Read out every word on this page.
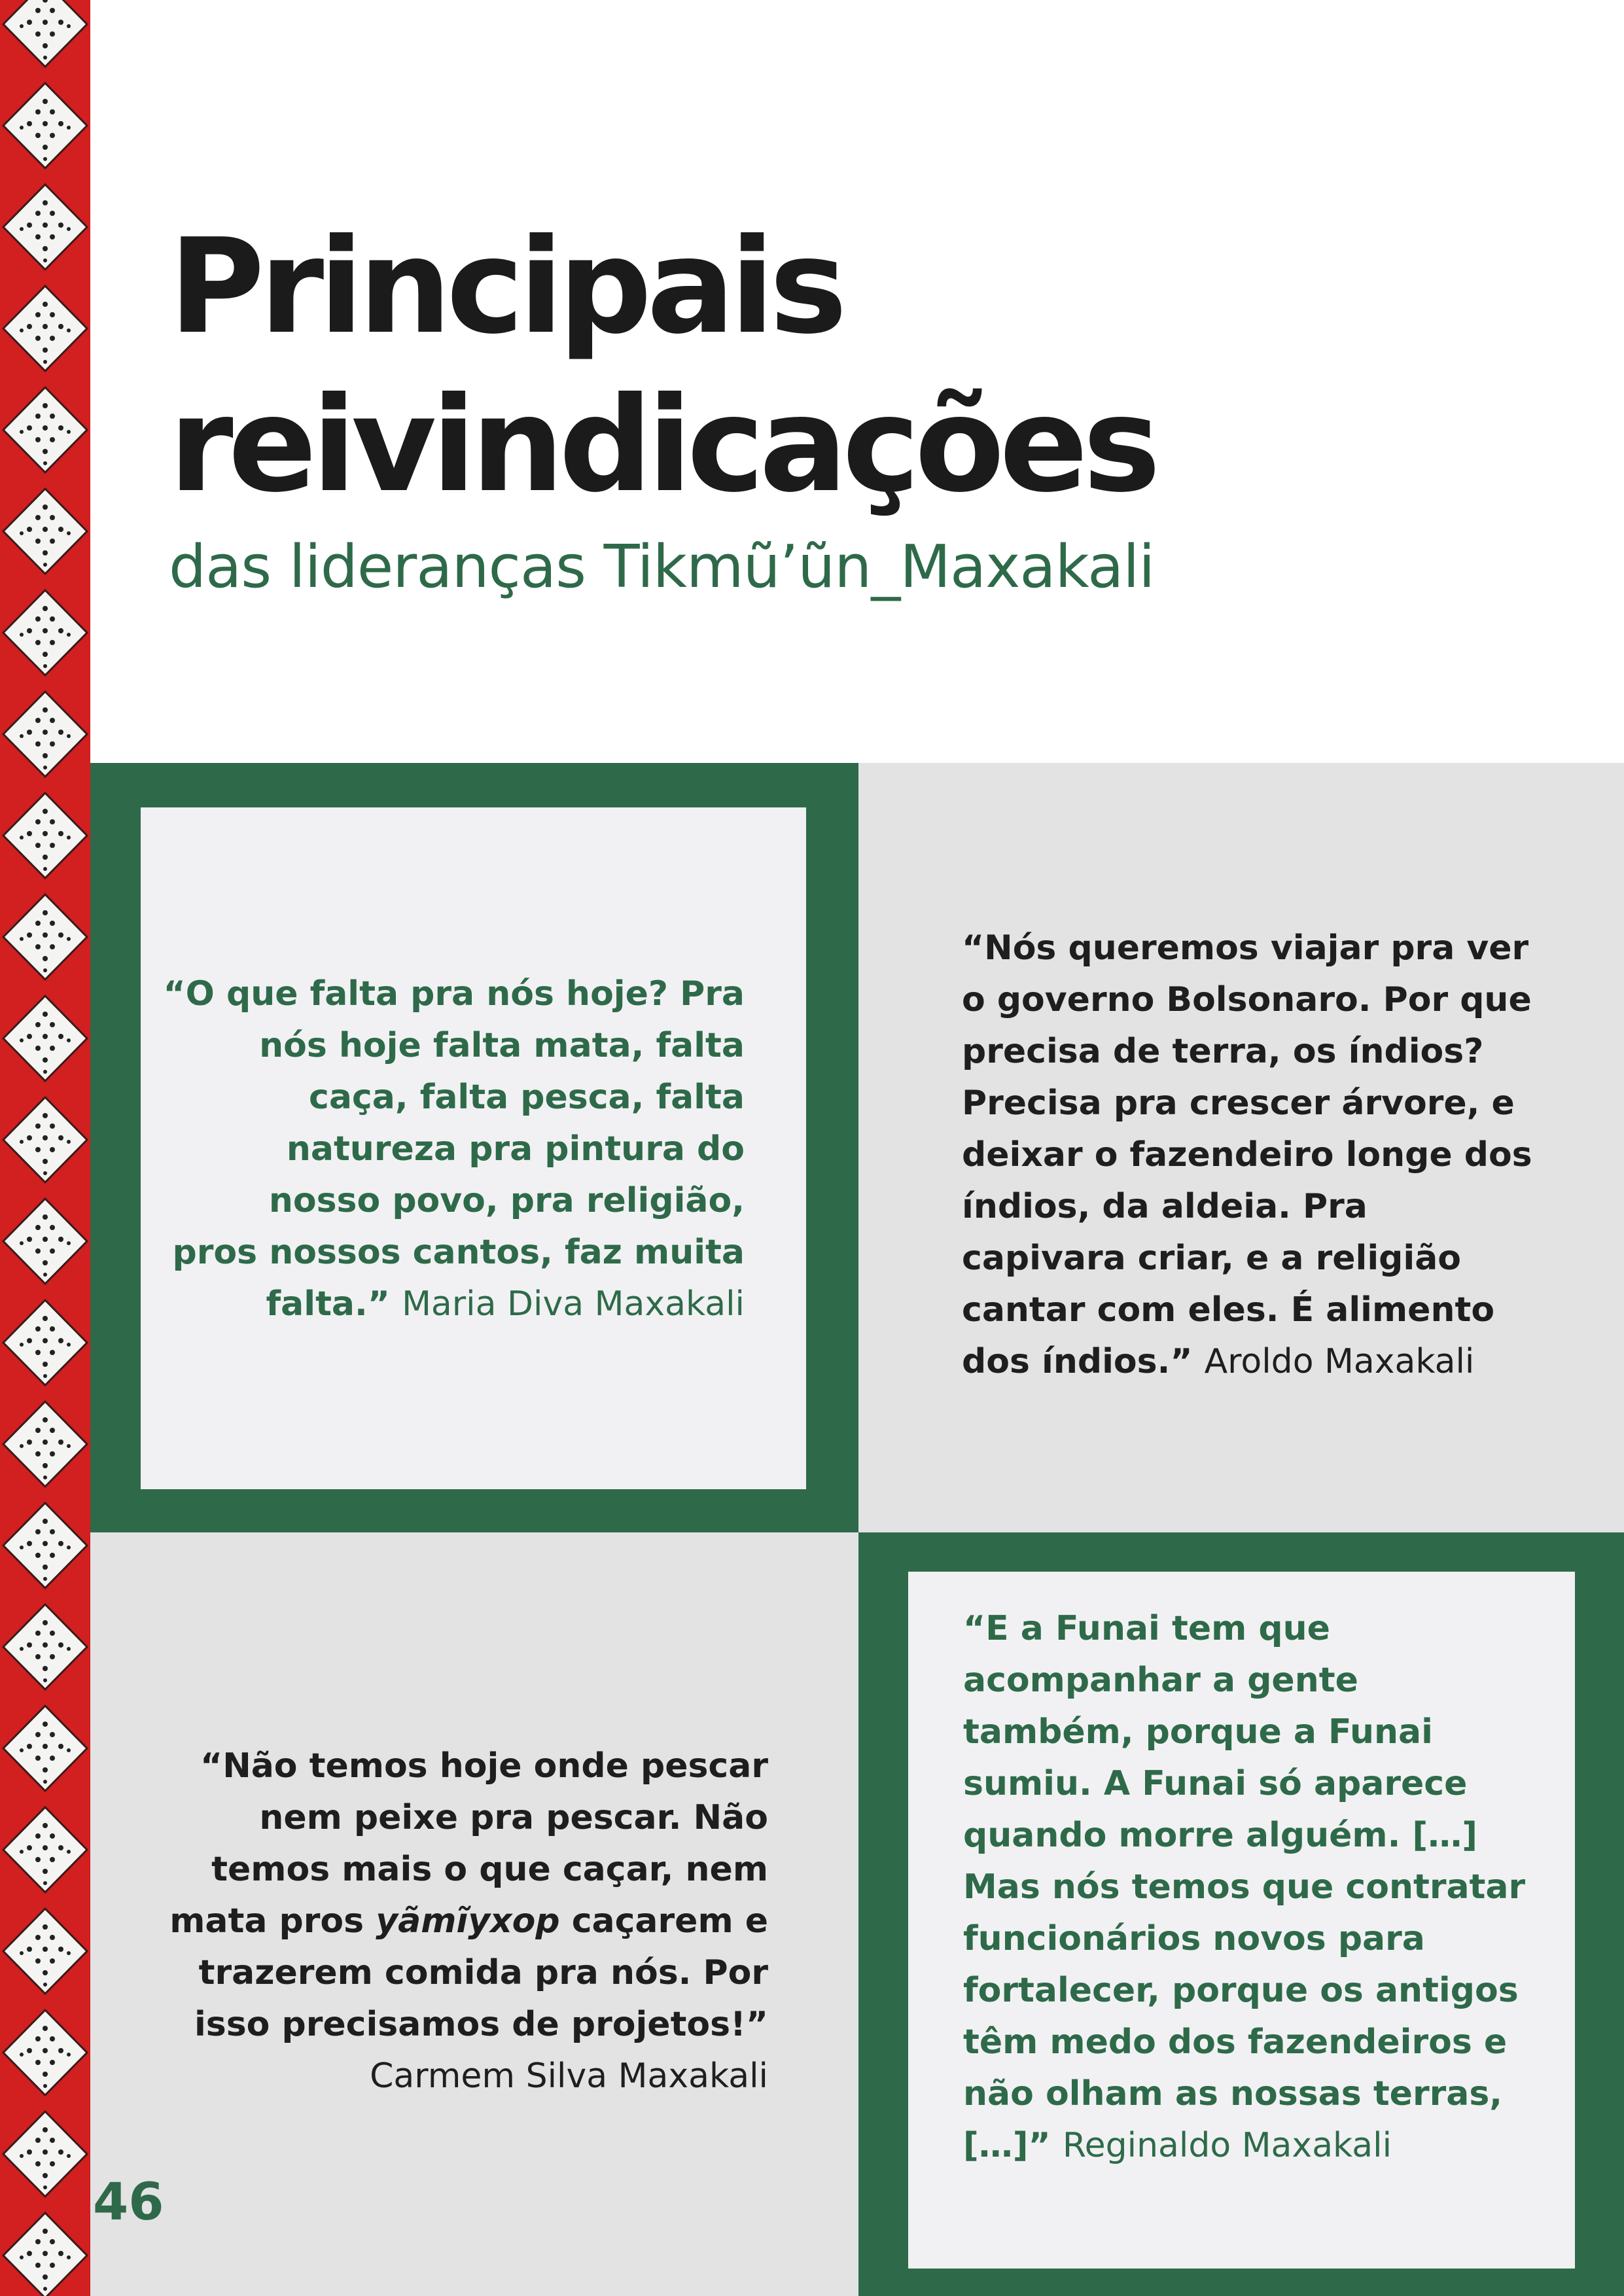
Principais
reivindicações

das lideranças Tikmũ’ũn_Maxakali

“O que falta pra nós hoje? Pra
nós hoje falta mata, falta
caça, falta pesca, falta
natureza pra pintura do
nosso povo, pra religião,
pros nossos cantos, faz muita
falta.” Maria Diva Maxakali
“Nós queremos viajar pra ver
o governo Bolsonaro. Por que
precisa de terra, os índios?
Precisa pra crescer árvore, e
deixar o fazendeiro longe dos
índios, da aldeia. Pra
capivara criar, e a religião
cantar com eles. É alimento
dos índios.” Aroldo Maxakali
“Não temos hoje onde pescar
nem peixe pra pescar. Não
temos mais o que caçar, nem
mata pros yãmĩyxop caçarem e
trazerem comida pra nós. Por
isso precisamos de projetos!”
Carmem Silva Maxakali
“E a Funai tem que
acompanhar a gente
também, porque a Funai
sumiu. A Funai só aparece
quando morre alguém. […]
Mas nós temos que contratar
funcionários novos para
fortalecer, porque os antigos
têm medo dos fazendeiros e
não olham as nossas terras,
[…]” Reginaldo Maxakali
46
